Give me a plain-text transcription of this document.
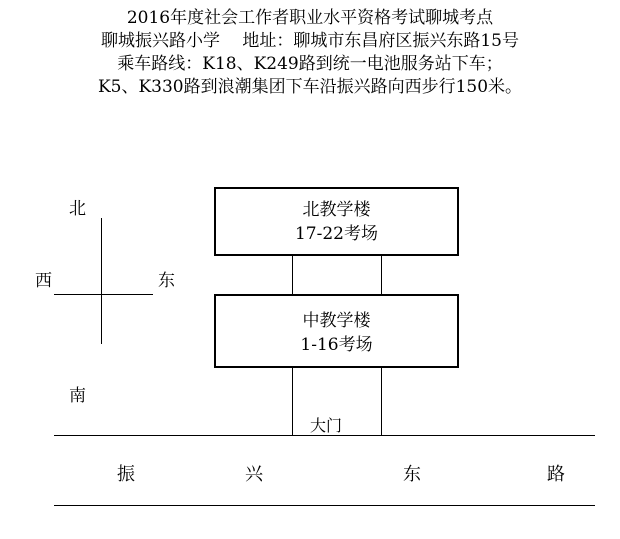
2016年度社会工作者职业水平资格考试聊城考点
聊城振兴路小学　 地址：聊城市东昌府区振兴东路15号
乘车路线：K18、K249路到统一电池服务站下车；
K5、K330路到浪潮集团下车沿振兴路向西步行150米。
北
西	东
南
北教学楼
17-22考场
中教学楼
1-16考场
大门
振	兴	东	路
